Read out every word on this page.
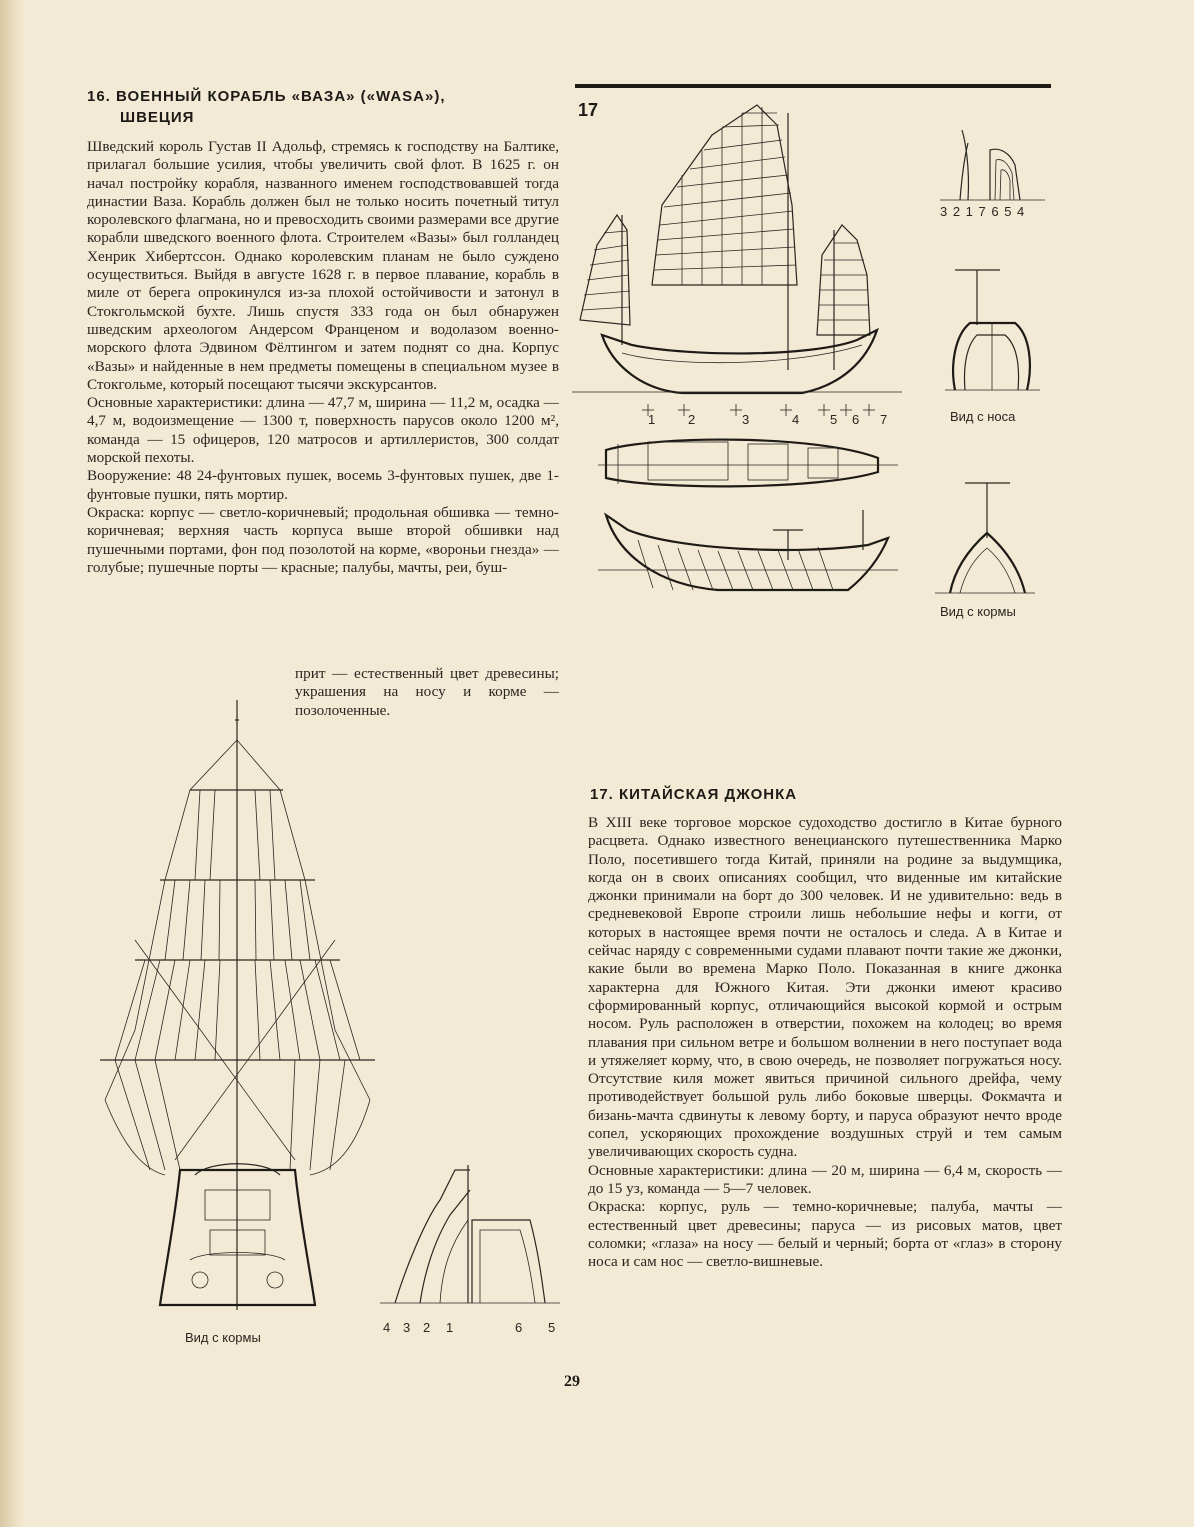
16. ВОЕННЫЙ КОРАБЛЬ «ВАЗА» («WASA»),
ШВЕЦИЯ

Шведский король Густав II Адольф, стремясь к господству на Балтике, прилагал большие усилия, чтобы увеличить свой флот. В 1625 г. он начал постройку корабля, названного именем господствовавшей тогда династии Ваза. Корабль должен был не только носить почетный титул королевского флагмана, но и превосходить своими размерами все другие корабли шведского военного флота. Строителем «Вазы» был голландец Хенрик Хибертссон. Однако королевским планам не было суждено осуществиться. Выйдя в августе 1628 г. в первое плавание, корабль в миле от берега опрокинулся из-за плохой остойчивости и затонул в Стокгольмской бухте. Лишь спустя 333 года он был обнаружен шведским археологом Андерсом Франценом и водолазом военно-морского флота Эдвином Фёлтингом и затем поднят со дна. Корпус «Вазы» и найденные в нем предметы помещены в специальном музее в Стокгольме, который посещают тысячи экскурсантов.

Основные характеристики: длина — 47,7 м, ширина — 11,2 м, осадка — 4,7 м, водоизмещение — 1300 т, поверхность парусов около 1200 м², команда — 15 офицеров, 120 матросов и артиллеристов, 300 солдат морской пехоты.

Вооружение: 48 24-фунтовых пушек, восемь 3-фунтовых пушек, две 1-фунтовые пушки, пять мортир.

Окраска: корпус — светло-коричневый; продольная обшивка — темно-коричневая; верхняя часть корпуса выше второй обшивки над пушечными портами, фон под позолотой на корме, «вороньи гнезда» — голубые; пушечные порты — красные; палубы, мачты, реи, буш-

прит — естественный цвет древесины; украшения на носу и корме — позолоченные.
17
1	2	3	4 5 6 7
3 2 1 7 6 5 4
Вид с носа
Вид с кормы
Вид с кормы
4 3 2 1	6 5
17. КИТАЙСКАЯ ДЖОНКА

В XIII веке торговое морское судоходство достигло в Китае бурного расцвета. Однако известного венецианского путешественника Марко Поло, посетившего тогда Китай, приняли на родине за выдумщика, когда он в своих описаниях сообщил, что виденные им китайские джонки принимали на борт до 300 человек. И не удивительно: ведь в средневековой Европе строили лишь небольшие нефы и когги, от которых в настоящее время почти не осталось и следа. А в Китае и сейчас наряду с современными судами плавают почти такие же джонки, какие были во времена Марко Поло. Показанная в книге джонка характерна для Южного Китая. Эти джонки имеют красиво сформированный корпус, отличающийся высокой кормой и острым носом. Руль расположен в отверстии, похожем на колодец; во время плавания при сильном ветре и большом волнении в него поступает вода и утяжеляет корму, что, в свою очередь, не позволяет погружаться носу. Отсутствие киля может явиться причиной сильного дрейфа, чему противодействует большой руль либо боковые шверцы. Фокмачта и бизань-мачта сдвинуты к левому борту, и паруса образуют нечто вроде сопел, ускоряющих прохождение воздушных струй и тем самым увеличивающих скорость судна.

Основные характеристики: длина — 20 м, ширина — 6,4 м, скорость — до 15 уз, команда — 5—7 человек.

Окраска: корпус, руль — темно-коричневые; палуба, мачты — естественный цвет древесины; паруса — из рисовых матов, цвет соломки; «глаза» на носу — белый и черный; борта от «глаз» в сторону носа и сам нос — светло-вишневые.

29
